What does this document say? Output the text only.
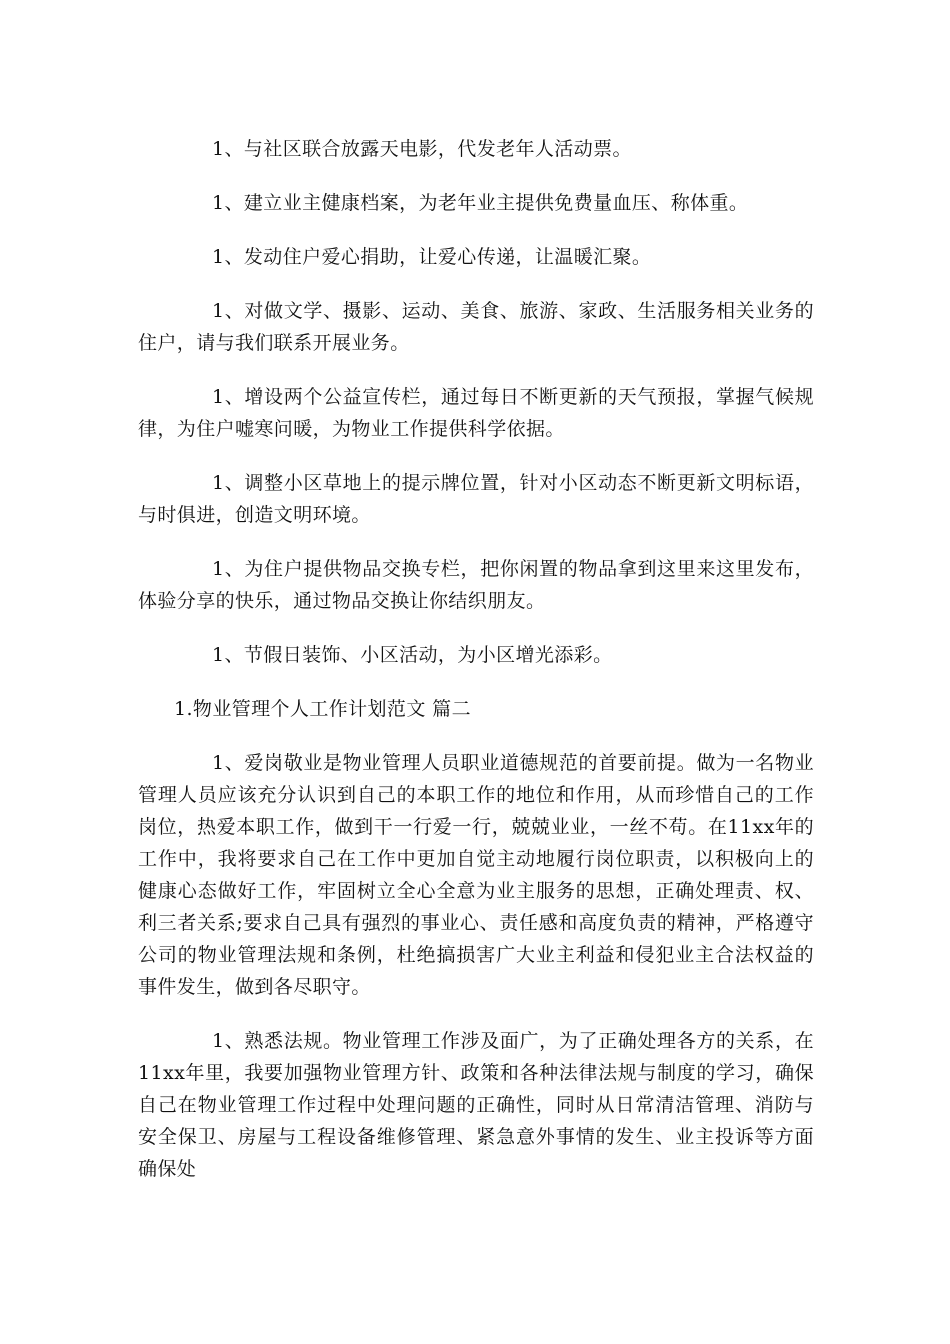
1、与社区联合放露天电影，代发老年人活动票。

1、建立业主健康档案，为老年业主提供免费量血压、称体重。

1、发动住户爱心捐助，让爱心传递，让温暖汇聚。

1、对做文学、摄影、运动、美食、旅游、家政、生活服务相关业务的住户，请与我们联系开展业务。

1、增设两个公益宣传栏，通过每日不断更新的天气预报，掌握气候规律，为住户嘘寒问暖，为物业工作提供科学依据。

1、调整小区草地上的提示牌位置，针对小区动态不断更新文明标语，与时俱进，创造文明环境。

1、为住户提供物品交换专栏，把你闲置的物品拿到这里来这里发布，体验分享的快乐，通过物品交换让你结织朋友。

1、节假日装饰、小区活动，为小区增光添彩。

1.物业管理个人工作计划范文 篇二

1、爱岗敬业是物业管理人员职业道德规范的首要前提。做为一名物业管理人员应该充分认识到自己的本职工作的地位和作用，从而珍惜自己的工作岗位，热爱本职工作，做到干一行爱一行，兢兢业业，一丝不苟。在11xx年的工作中，我将要求自己在工作中更加自觉主动地履行岗位职责，以积极向上的健康心态做好工作，牢固树立全心全意为业主服务的思想，正确处理责、权、利三者关系;要求自己具有强烈的事业心、责任感和高度负责的精神，严格遵守公司的物业管理法规和条例，杜绝搞损害广大业主利益和侵犯业主合法权益的事件发生，做到各尽职守。

1、熟悉法规。物业管理工作涉及面广，为了正确处理各方的关系，在11xx年里，我要加强物业管理方针、政策和各种法律法规与制度的学习，确保自己在物业管理工作过程中处理问题的正确性，同时从日常清洁管理、消防与安全保卫、房屋与工程设备维修管理、紧急意外事情的发生、业主投诉等方面确保处
